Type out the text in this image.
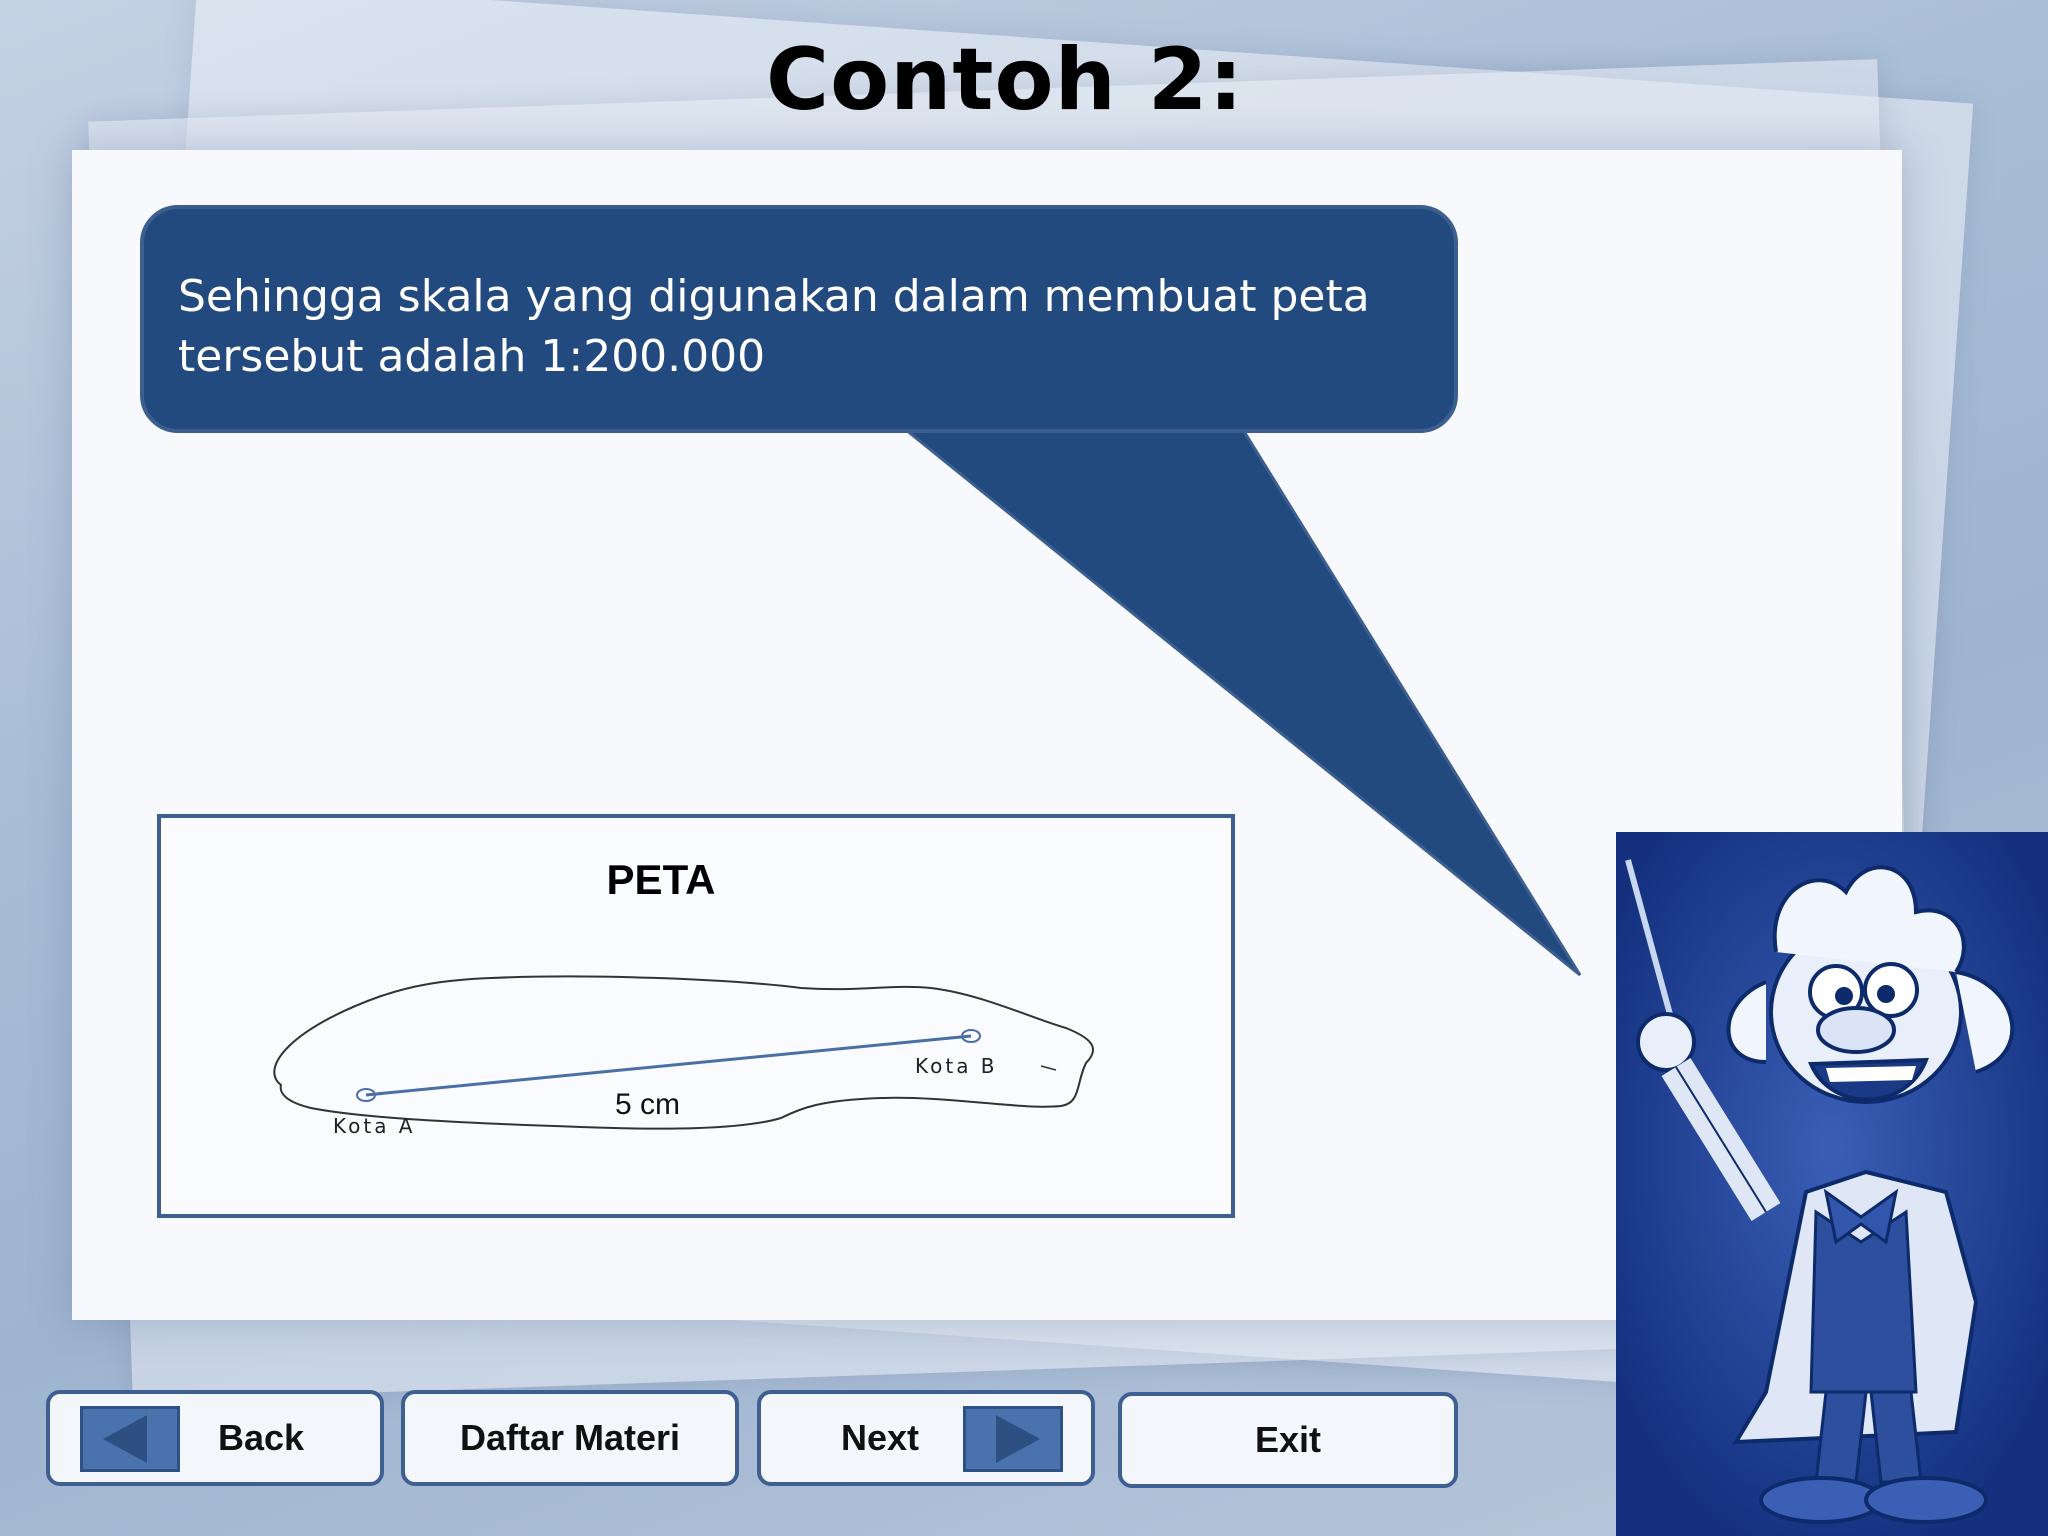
Contoh 2:
Sehingga skala yang digunakan dalam membuat peta tersebut adalah 1:200.000
PETA
Kota A
Kota B
5 cm
Back	Daftar Materi	Next	Exit
